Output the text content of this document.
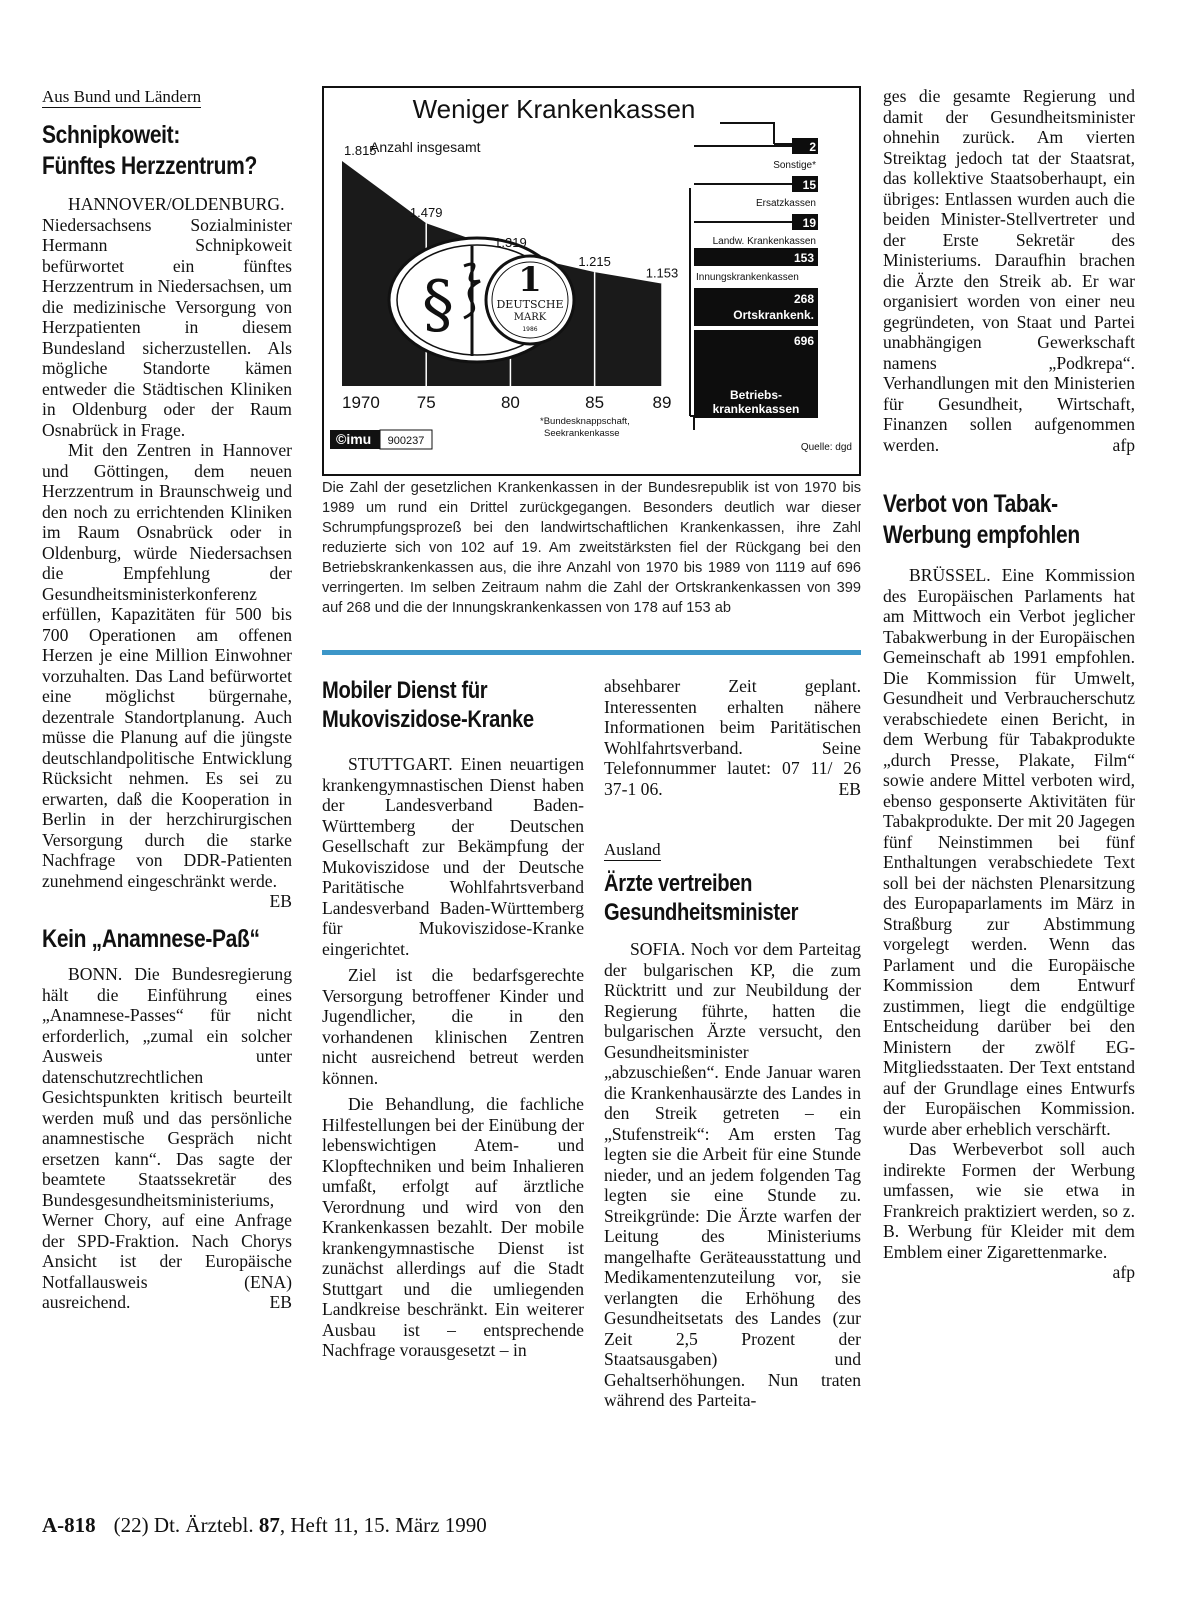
Aus Bund und Ländern
Schnipkoweit:
Fünftes Herzzentrum?

HANNOVER/OLDENBURG. Niedersachsens Sozialminister Hermann Schnipkoweit befürwortet ein fünftes Herzzentrum in Niedersachsen, um die medizinische Versorgung von Herzpatienten in diesem Bundesland sicherzustellen. Als mögliche Standorte kämen entweder die Städtischen Kliniken in Oldenburg oder der Raum Osnabrück in Frage.

Mit den Zentren in Hannover und Göttingen, dem neuen Herzzentrum in Braunschweig und den noch zu errichtenden Kliniken im Raum Osnabrück oder in Oldenburg, würde Niedersachsen die Empfehlung der Gesundheitsministerkonferenz erfüllen, Kapazitäten für 500 bis 700 Operationen am offenen Herzen je eine Million Einwohner vorzuhalten. Das Land befürwortet eine möglichst bürgernahe, dezentrale Standortplanung. Auch müsse die Planung auf die jüngste deutschlandpolitische Entwicklung Rücksicht nehmen. Es sei zu erwarten, daß die Kooperation in Berlin in der herzchirurgischen Versorgung durch die starke Nachfrage von DDR-Patienten zunehmend eingeschränkt werde.
EB

Kein „Anamnese-Paß“

BONN. Die Bundesregierung hält die Einführung eines „Anamnese-Passes“ für nicht erforderlich, „zumal ein solcher Ausweis unter datenschutzrechtlichen Gesichtspunkten kritisch beurteilt werden muß und das persönliche anamnestische Gespräch nicht ersetzen kann“. Das sagte der beamtete Staatssekretär des Bundesgesundheitsministeriums, Werner Chory, auf eine Anfrage der SPD-Fraktion. Nach Chorys Ansicht ist der Europäische Notfallausweis (ENA) ausreichend.	EB

Weniger Krankenkassen
Anzahl insgesamt
§ 1
DEUTSCHE
MARK
1986
1970 75	80	85	89
1.815
1.479
1.319
1.215
1.153
2
Sonstige*
15
Ersatzkassen
19
Landw. Krankenkassen
153
Innungskrankenkassen
268
Ortskrankenk.
696
Betriebs-
krankenkassen
*Bundesknappschaft, Seekrankenkasse
©imu 900237
Quelle: dgd
Die Zahl der gesetzlichen Krankenkassen in der Bundesrepublik ist von 1970 bis 1989 um rund ein Drittel zurückgegangen. Besonders deutlich war dieser Schrumpfungsprozeß bei den landwirtschaftlichen Krankenkassen, ihre Zahl reduzierte sich von 102 auf 19. Am zweitstärksten fiel der Rückgang bei den Betriebskrankenkassen aus, die ihre Anzahl von 1970 bis 1989 von 1119 auf 696 verringerten. Im selben Zeitraum nahm die Zahl der Ortskrankenkassen von 399 auf 268 und die der Innungskrankenkassen von 178 auf 153 ab
Mobiler Dienst für
Mukoviszidose-Kranke

STUTTGART. Einen neuartigen krankengymnastischen Dienst haben der Landesverband Baden-Württemberg der Deutschen Gesellschaft zur Bekämpfung der Mukoviszidose und der Deutsche Paritätische Wohlfahrtsverband Landesverband Baden-Württemberg für Mukoviszidose-Kranke eingerichtet.

Ziel ist die bedarfsgerechte Versorgung betroffener Kinder und Jugendlicher, die in den vorhandenen klinischen Zentren nicht ausreichend betreut werden können.

Die Behandlung, die fachliche Hilfestellungen bei der Einübung der lebenswichtigen Atem- und Klopftechniken und beim Inhalieren umfaßt, erfolgt auf ärztliche Verordnung und wird von den Krankenkassen bezahlt. Der mobile krankengymnastische Dienst ist zunächst allerdings auf die Stadt Stuttgart und die umliegenden Landkreise beschränkt. Ein weiterer Ausbau ist – entsprechende Nachfrage vorausgesetzt – in

absehbarer Zeit geplant. Interessenten erhalten nähere Informationen beim Paritätischen Wohlfahrtsverband. Seine Telefonnummer lautet: 07 11/ 26 37-1 06.	EB

Ausland
Ärzte vertreiben
Gesundheitsminister

SOFIA. Noch vor dem Parteitag der bulgarischen KP, die zum Rücktritt und zur Neubildung der Regierung führte, hatten die bulgarischen Ärzte versucht, den Gesundheitsminister „abzuschießen“. Ende Januar waren die Krankenhausärzte des Landes in den Streik getreten – ein „Stufenstreik“: Am ersten Tag legten sie die Arbeit für eine Stunde nieder, und an jedem folgenden Tag legten sie eine Stunde zu. Streikgründe: Die Ärzte warfen der Leitung des Ministeriums mangelhafte Geräteausstattung und Medikamentenzuteilung vor, sie verlangten die Erhöhung des Gesundheitsetats des Landes (zur Zeit 2,5 Prozent der Staatsausgaben) und Gehaltserhöhungen. Nun traten während des Parteita-

ges die gesamte Regierung und damit der Gesundheitsminister ohnehin zurück. Am vierten Streiktag jedoch tat der Staatsrat, das kollektive Staatsoberhaupt, ein übriges: Entlassen wurden auch die beiden Minister-Stellvertreter und der Erste Sekretär des Ministeriums. Daraufhin brachen die Ärzte den Streik ab. Er war organisiert worden von einer neu gegründeten, von Staat und Partei unabhängigen Gewerkschaft namens „Podkrepa“. Verhandlungen mit den Ministerien für Gesundheit, Wirtschaft, Finanzen sollen aufgenommen werden.	afp

Verbot von Tabak-
Werbung empfohlen

BRÜSSEL. Eine Kommission des Europäischen Parlaments hat am Mittwoch ein Verbot jeglicher Tabakwerbung in der Europäischen Gemeinschaft ab 1991 empfohlen. Die Kommission für Umwelt, Gesundheit und Verbraucherschutz verabschiedete einen Bericht, in dem Werbung für Tabakprodukte „durch Presse, Plakate, Film“ sowie andere Mittel verboten wird, ebenso gesponserte Aktivitäten für Tabakprodukte. Der mit 20 Jagegen fünf Neinstimmen bei fünf Enthaltungen verabschiedete Text soll bei der nächsten Plenarsitzung des Europaparlaments im März in Straßburg zur Abstimmung vorgelegt werden. Wenn das Parlament und die Europäische Kommission dem Entwurf zustimmen, liegt die endgültige Entscheidung darüber bei den Ministern der zwölf EG-Mitgliedsstaaten. Der Text entstand auf der Grundlage eines Entwurfs der Europäischen Kommission. wurde aber erheblich verschärft.

Das Werbeverbot soll auch indirekte Formen der Werbung umfassen, wie sie etwa in Frankreich praktiziert werden, so z. B. Werbung für Kleider mit dem Emblem einer Zigarettenmarke.
afp

A-818 (22) Dt. Ärztebl. 87, Heft 11, 15. März 1990
